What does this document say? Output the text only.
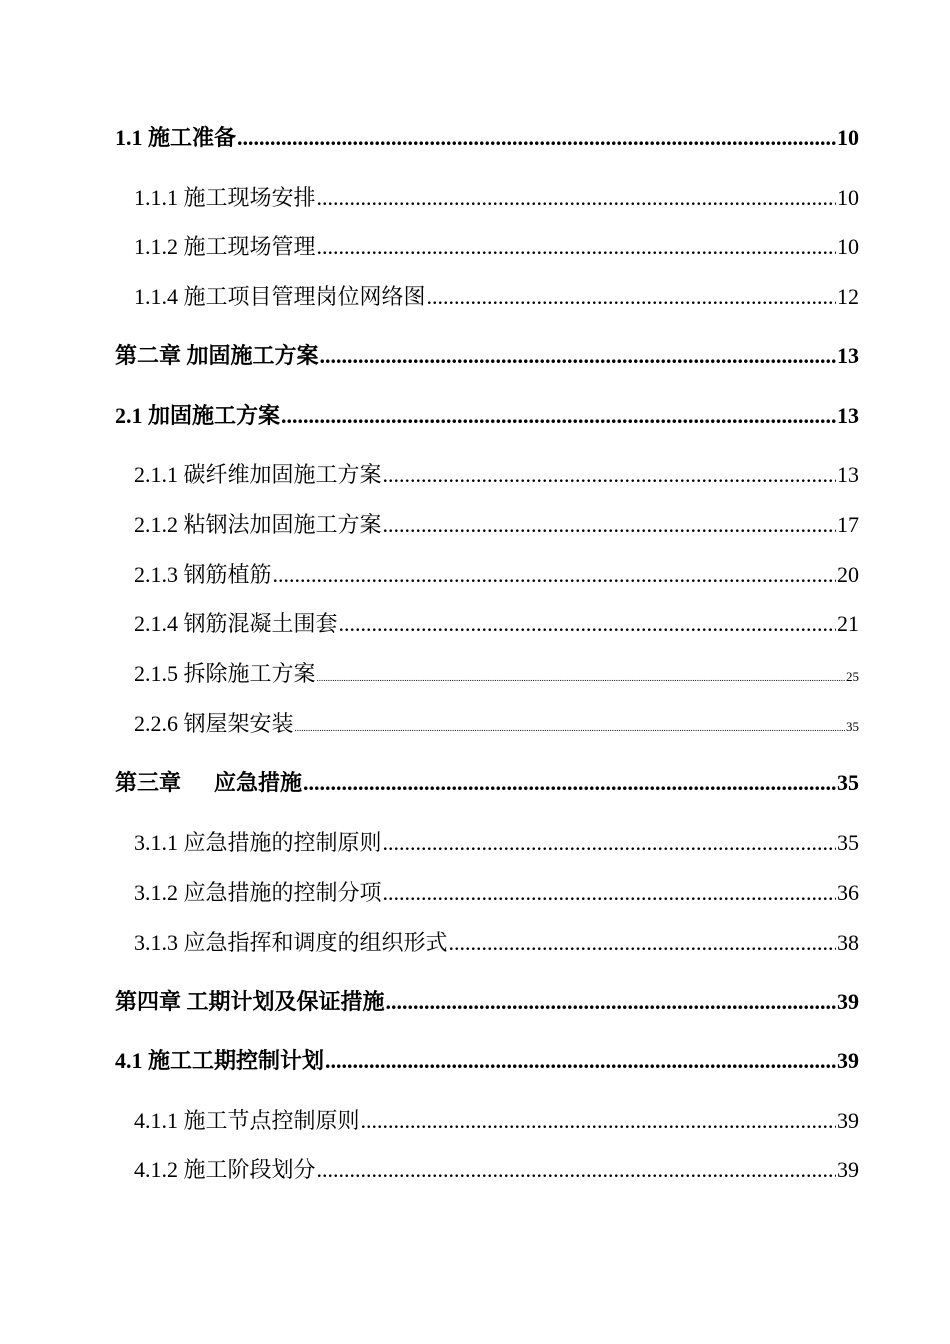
1.1 施工准备 .....	10
1.1.1 施工现场安排 .....	10
1.1.2 施工现场管理 .....	10
1.1.4 施工项目管理岗位网络图 .....	12
第二章 加固施工方案 .....	13
2.1 加固施工方案 .....	13
2.1.1 碳纤维加固施工方案 .....	13
2.1.2 粘钢法加固施工方案 .....	17
2.1.3 钢筋植筋 .....	20
2.1.4 钢筋混凝土围套 .....	21
2.1.5 拆除施工方案 .....	25
2.2.6 钢屋架安装 .....	35
第三章      应急措施 .....	35
3.1.1 应急措施的控制原则 .....	35
3.1.2 应急措施的控制分项 .....	36
3.1.3 应急指挥和调度的组织形式 .....	38
第四章 工期计划及保证措施 .....	39
4.1 施工工期控制计划 .....	39
4.1.1 施工节点控制原则 .....	39
4.1.2 施工阶段划分 .....	39
